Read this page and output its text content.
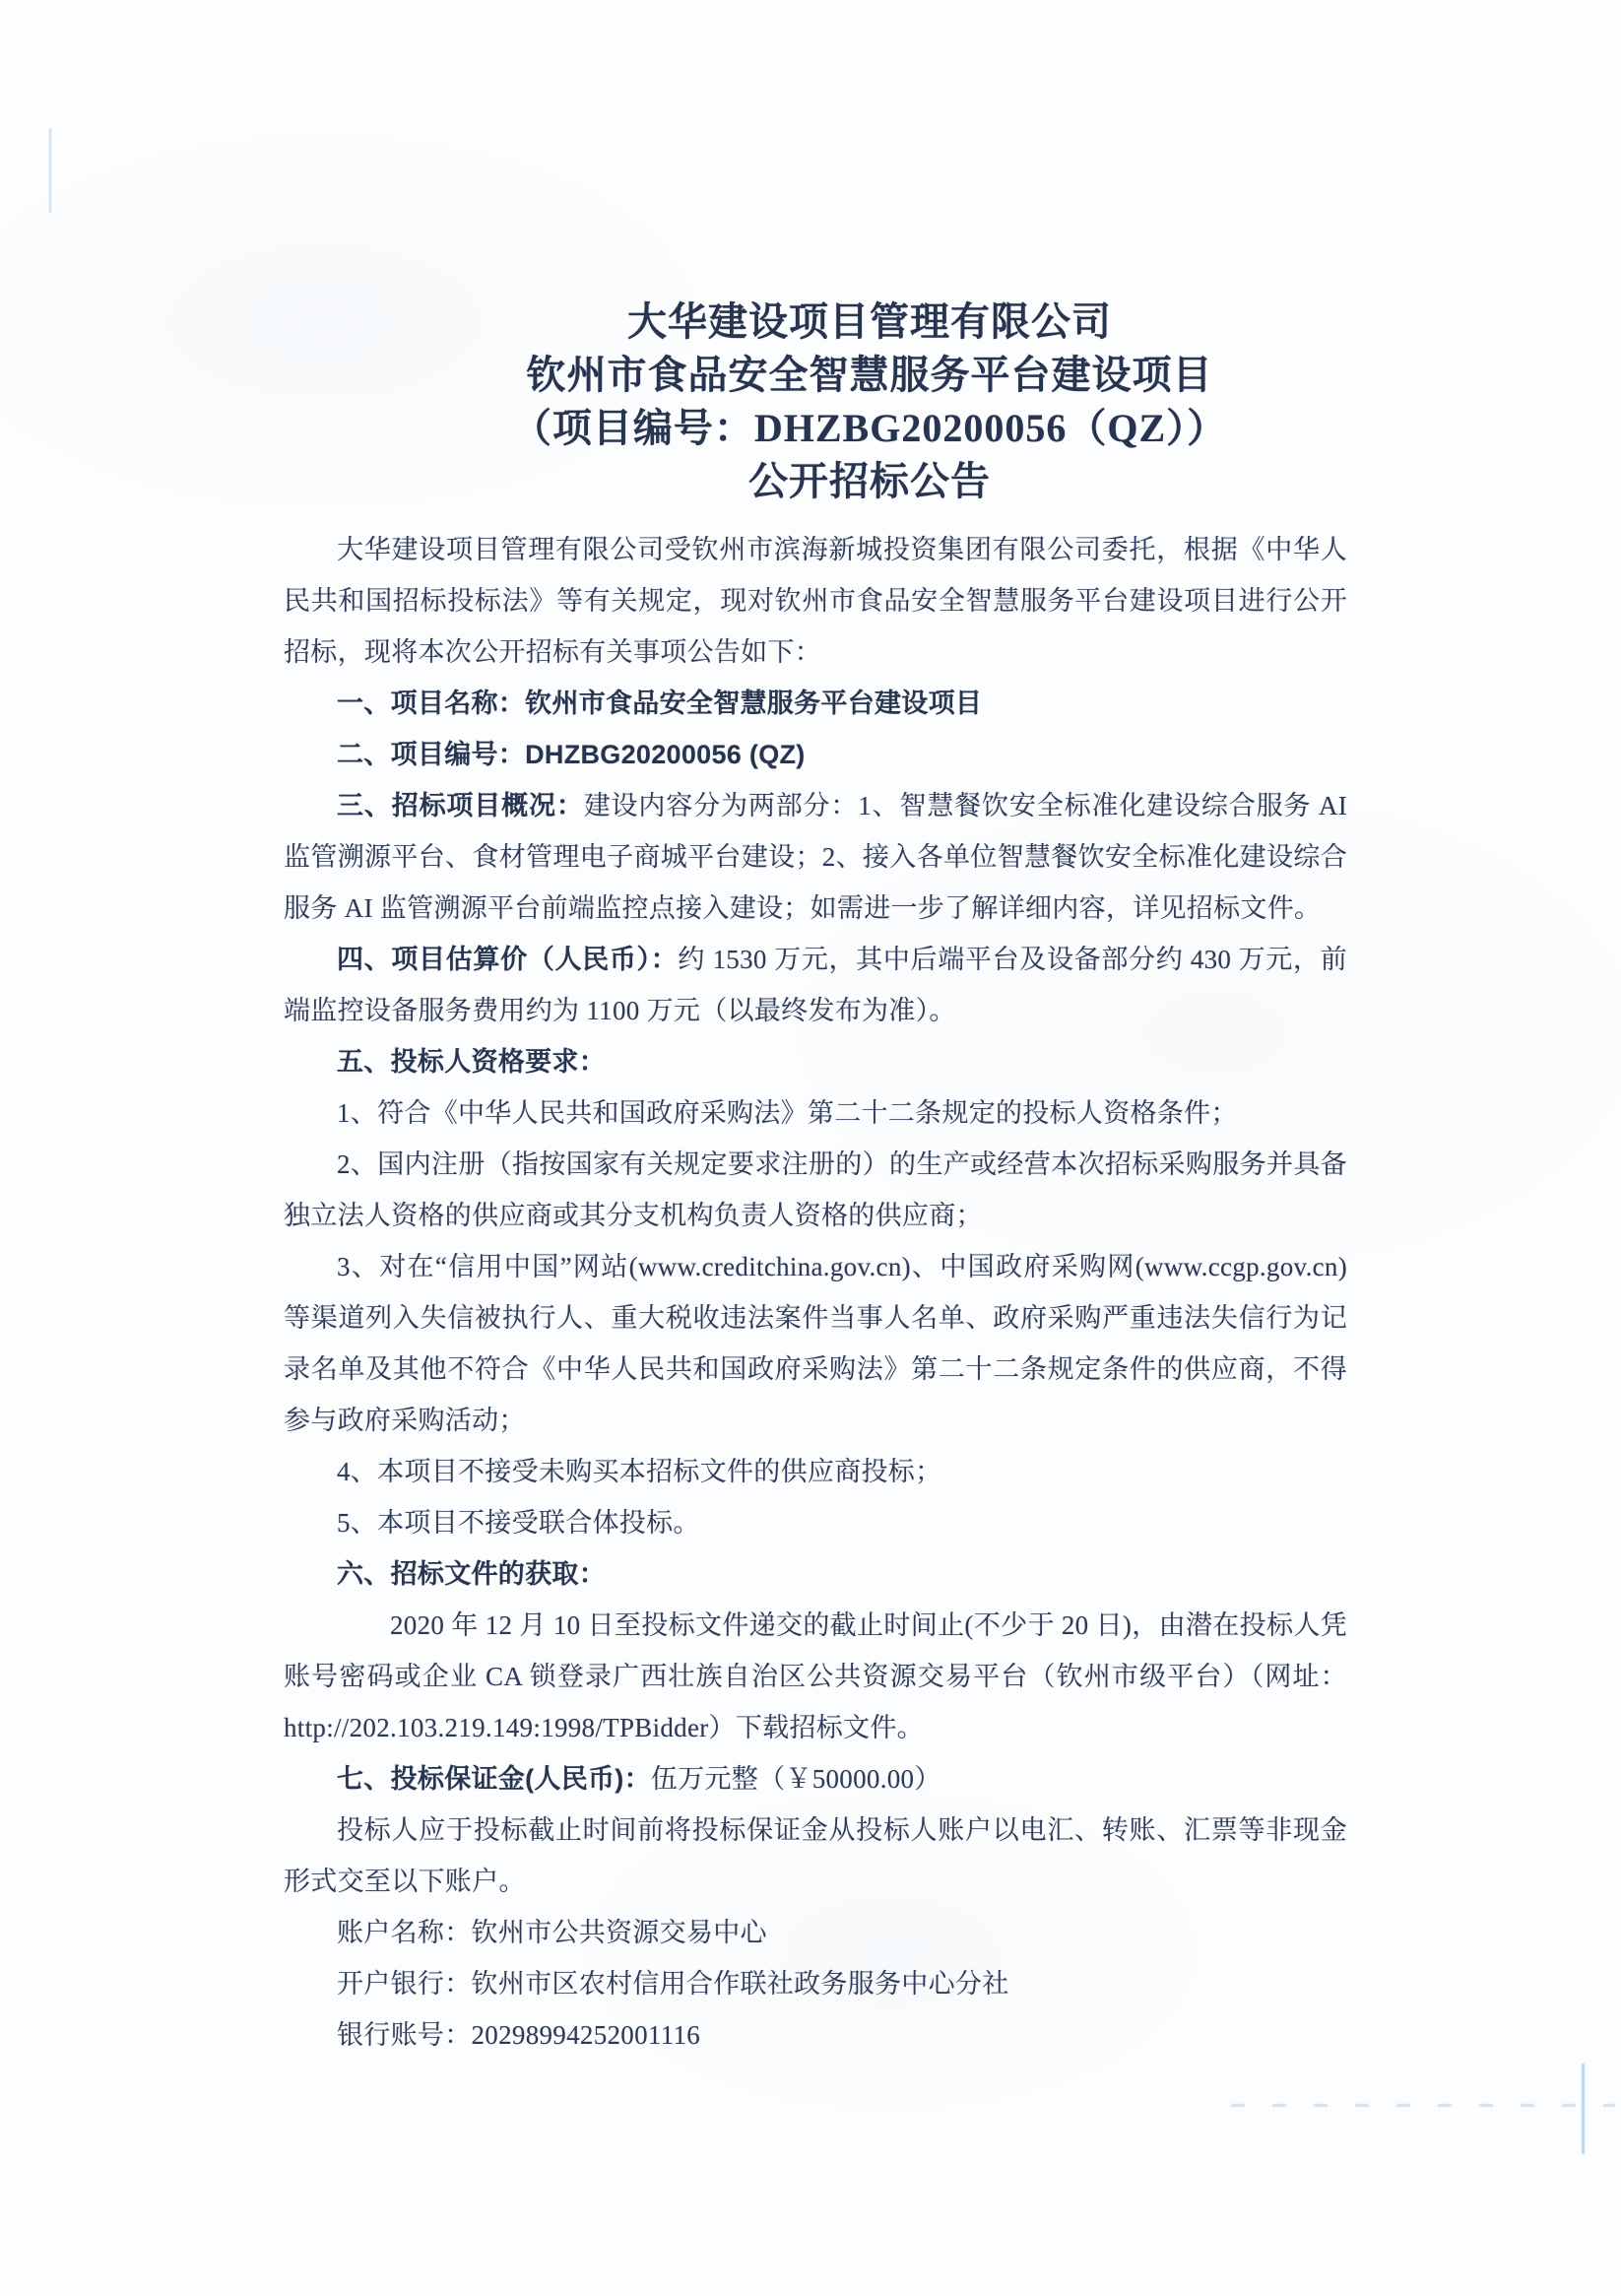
大华建设项目管理有限公司
钦州市食品安全智慧服务平台建设项目
（项目编号：DHZBG20200056（QZ））
公开招标公告

大华建设项目管理有限公司受钦州市滨海新城投资集团有限公司委托，根据《中华人民共和国招标投标法》等有关规定，现对钦州市食品安全智慧服务平台建设项目进行公开招标，现将本次公开招标有关事项公告如下：

一、项目名称：钦州市食品安全智慧服务平台建设项目

二、项目编号：DHZBG20200056 (QZ)

三、招标项目概况：建设内容分为两部分：1、智慧餐饮安全标准化建设综合服务 AI 监管溯源平台、食材管理电子商城平台建设；2、接入各单位智慧餐饮安全标准化建设综合服务 AI 监管溯源平台前端监控点接入建设；如需进一步了解详细内容，详见招标文件。

四、项目估算价（人民币）：约 1530 万元，其中后端平台及设备部分约 430 万元，前端监控设备服务费用约为 1100 万元（以最终发布为准）。

五、投标人资格要求：

1、符合《中华人民共和国政府采购法》第二十二条规定的投标人资格条件；

2、国内注册（指按国家有关规定要求注册的）的生产或经营本次招标采购服务并具备独立法人资格的供应商或其分支机构负责人资格的供应商；

3、对在“信用中国”网站(www.creditchina.gov.cn)、中国政府采购网(www.ccgp.gov.cn)等渠道列入失信被执行人、重大税收违法案件当事人名单、政府采购严重违法失信行为记录名单及其他不符合《中华人民共和国政府采购法》第二十二条规定条件的供应商，不得参与政府采购活动；

4、本项目不接受未购买本招标文件的供应商投标；

5、本项目不接受联合体投标。

六、招标文件的获取：

2020 年 12 月 10 日至投标文件递交的截止时间止(不少于 20 日)，由潜在投标人凭账号密码或企业 CA 锁登录广西壮族自治区公共资源交易平台（钦州市级平台）（网址：http://202.103.219.149:1998/TPBidder）下载招标文件。

七、投标保证金(人民币)：伍万元整（￥50000.00）

投标人应于投标截止时间前将投标保证金从投标人账户以电汇、转账、汇票等非现金形式交至以下账户。

账户名称：钦州市公共资源交易中心

开户银行：钦州市区农村信用合作联社政务服务中心分社

银行账号：20298994252001116
